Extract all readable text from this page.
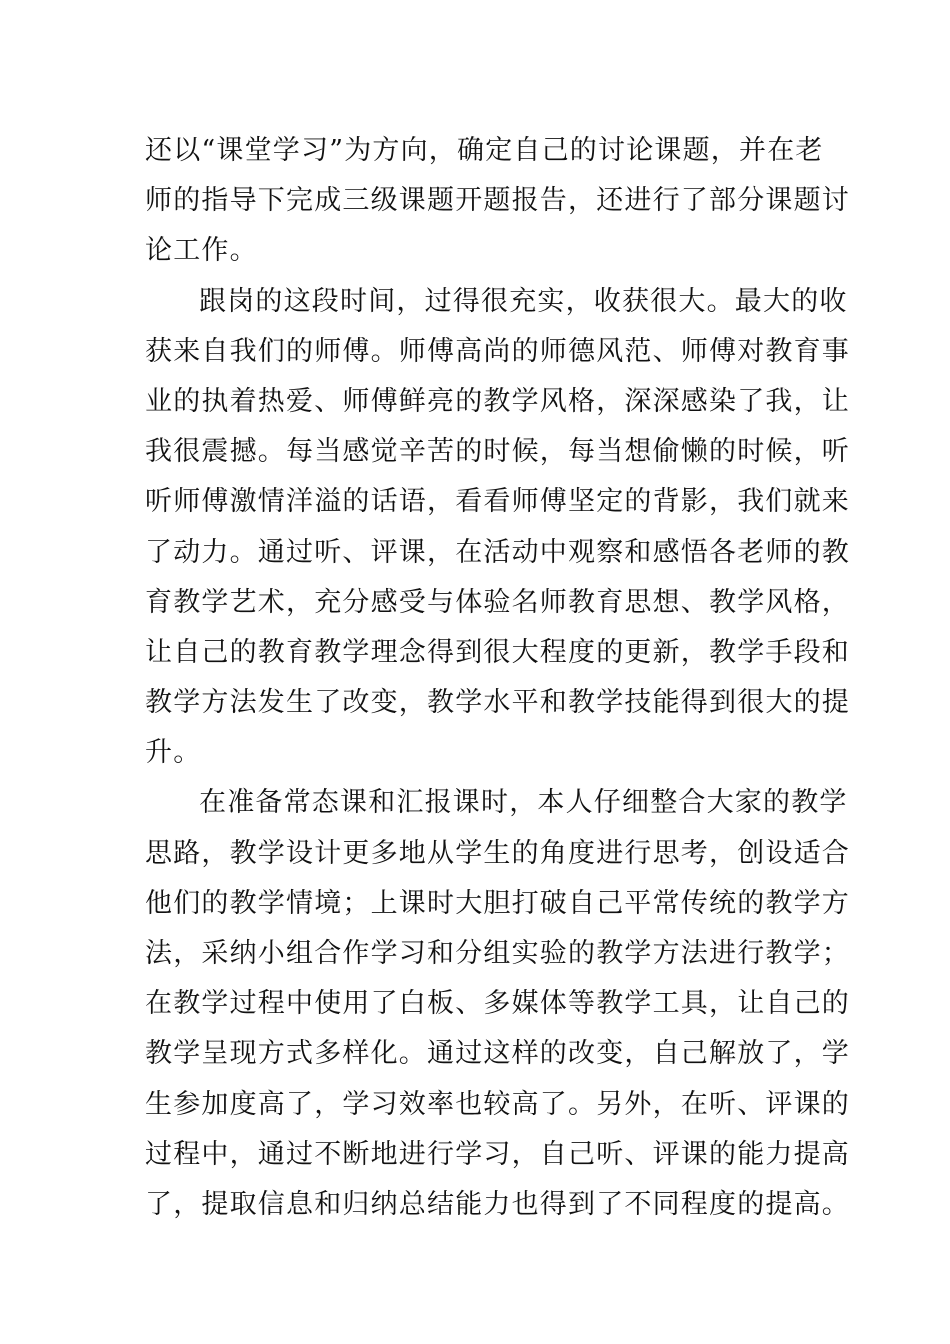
还以“课堂学习”为方向，确定自己的讨论课题，并在老
师的指导下完成三级课题开题报告，还进行了部分课题讨
论工作。
跟岗的这段时间，过得很充实，收获很大。最大的收
获来自我们的师傅。师傅高尚的师德风范、师傅对教育事
业的执着热爱、师傅鲜亮的教学风格，深深感染了我，让
我很震撼。每当感觉辛苦的时候，每当想偷懒的时候，听
听师傅激情洋溢的话语，看看师傅坚定的背影，我们就来
了动力。通过听、评课，在活动中观察和感悟各老师的教
育教学艺术，充分感受与体验名师教育思想、教学风格，
让自己的教育教学理念得到很大程度的更新，教学手段和
教学方法发生了改变，教学水平和教学技能得到很大的提
升。
在准备常态课和汇报课时，本人仔细整合大家的教学
思路，教学设计更多地从学生的角度进行思考，创设适合
他们的教学情境；上课时大胆打破自己平常传统的教学方
法，采纳小组合作学习和分组实验的教学方法进行教学；
在教学过程中使用了白板、多媒体等教学工具，让自己的
教学呈现方式多样化。通过这样的改变，自己解放了，学
生参加度高了，学习效率也较高了。另外，在听、评课的
过程中，通过不断地进行学习，自己听、评课的能力提高
了，提取信息和归纳总结能力也得到了不同程度的提高。
